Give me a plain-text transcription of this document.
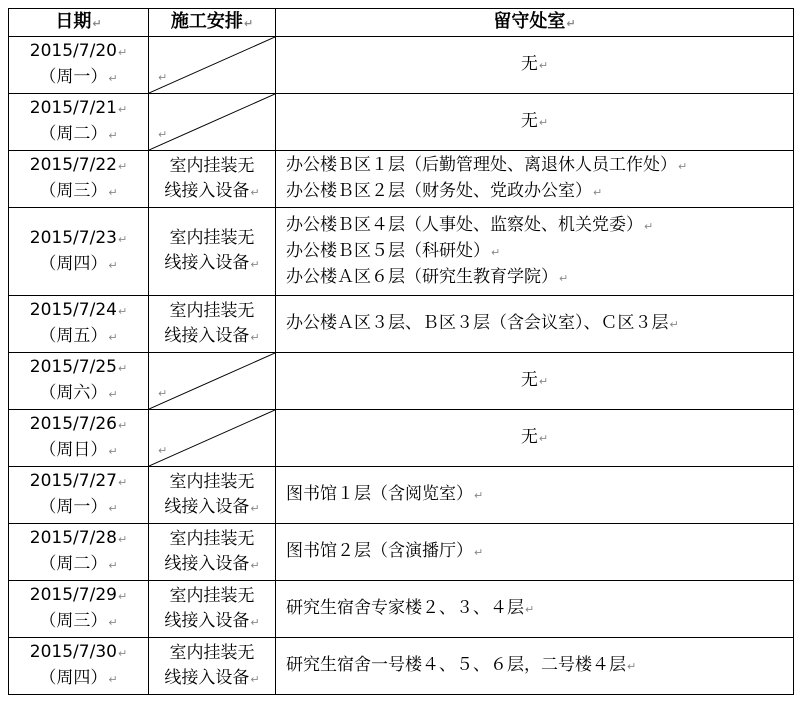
日期↵	施工安排↵	留守处室↵

2015/7/20↵
（周一）↵	↵	无↵

2015/7/21↵
（周二）↵	↵	无↵

2015/7/22↵
（周三）↵	室内挂装无
线接入设备↵	办公楼Ｂ区１层（后勤管理处、离退休人员工作处）↵
办公楼Ｂ区２层（财务处、党政办公室）↵

2015/7/23↵
（周四）↵	室内挂装无
线接入设备↵	办公楼Ｂ区４层（人事处、监察处、机关党委）↵
办公楼Ｂ区５层（科研处）↵
办公楼Ａ区６层（研究生教育学院）↵

2015/7/24↵
（周五）↵	室内挂装无
线接入设备↵	办公楼Ａ区３层、Ｂ区３层（含会议室）、Ｃ区３层↵

2015/7/25↵
（周六）↵	↵	无↵

2015/7/26↵
（周日）↵	↵	无↵

2015/7/27↵
（周一）↵	室内挂装无
线接入设备↵	图书馆１层（含阅览室）↵

2015/7/28↵
（周二）↵	室内挂装无
线接入设备↵	图书馆２层（含演播厅）↵

2015/7/29↵
（周三）↵	室内挂装无
线接入设备↵	研究生宿舍专家楼２、３、４层↵

2015/7/30↵
（周四）↵	室内挂装无
线接入设备↵	研究生宿舍一号楼４、５、６层，二号楼４层↵
